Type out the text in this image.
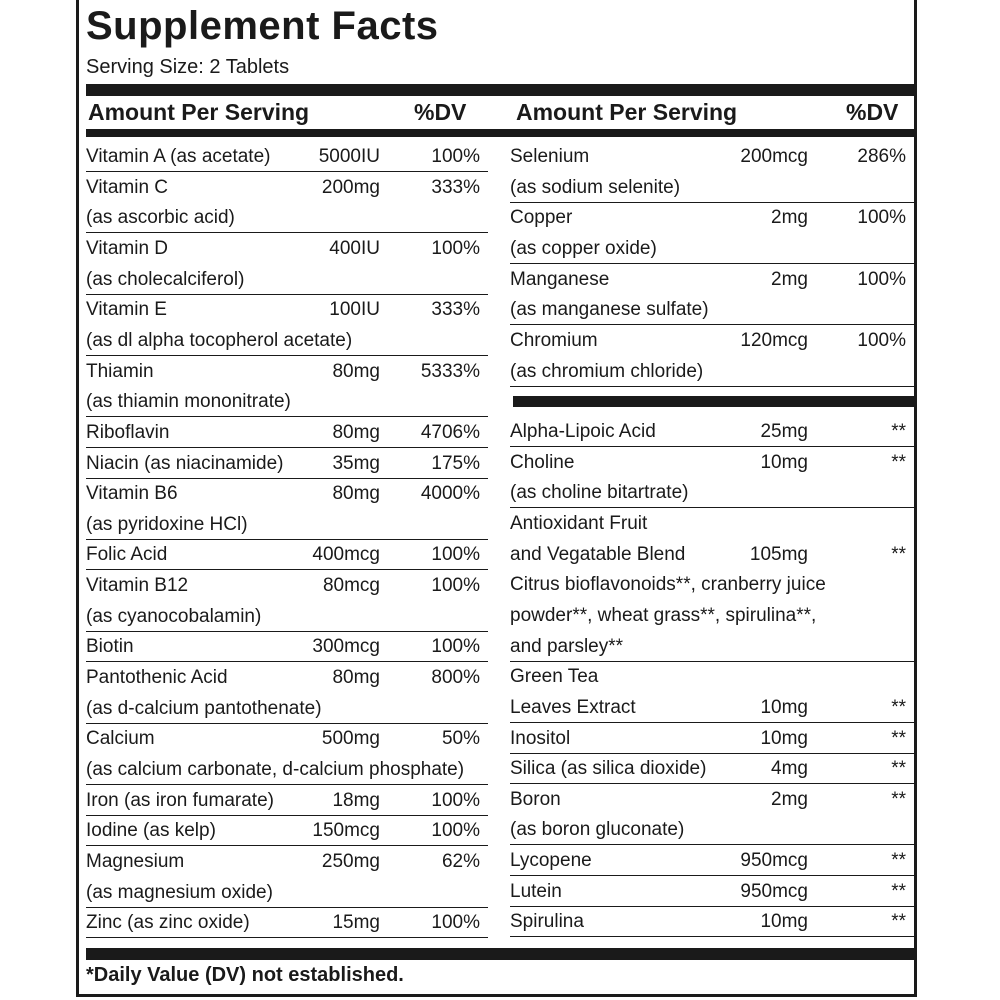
Supplement Facts
Serving Size: 2 Tablets
Amount Per Serving	%DV Amount Per Serving	%DV
Vitamin A (as acetate)	5000IU	100%
Vitamin C	200mg	333%
(as ascorbic acid)
Vitamin D	400IU	100%
(as cholecalciferol)
Vitamin E	100IU	333%
(as dl alpha tocopherol acetate)
Thiamin	80mg 5333%
(as thiamin mononitrate)
Riboflavin	80mg 4706%
Niacin (as niacinamide)	35mg	175%
Vitamin B6	80mg 4000%
(as pyridoxine HCl)
Folic Acid	400mcg	100%
Vitamin B12	80mcg	100%
(as cyanocobalamin)
Biotin	300mcg	100%
Pantothenic Acid	80mg	800%
(as d-calcium pantothenate)
Calcium	500mg	50%
(as calcium carbonate, d-calcium phosphate)
Iron (as iron fumarate)	18mg	100%
Iodine (as kelp)	150mcg	100%
Magnesium	250mg	62%
(as magnesium oxide)
Zinc (as zinc oxide)	15mg	100%
Selenium	200mcg	286%
(as sodium selenite)
Copper	2mg	100%
(as copper oxide)
Manganese	2mg	100%
(as manganese sulfate)
Chromium	120mcg	100%
(as chromium chloride)
Alpha-Lipoic Acid	25mg	**
Choline	10mg	**
(as choline bitartrate)
Antioxidant Fruit
and Vegatable Blend	105mg	**
Citrus bioflavonoids**, cranberry juice
powder**, wheat grass**, spirulina**,
and parsley**
Green Tea
Leaves Extract	10mg	**
Inositol	10mg	**
Silica (as silica dioxide)	4mg	**
Boron	2mg	**
(as boron gluconate)
Lycopene	950mcg	**
Lutein	950mcg	**
Spirulina	10mg	**
*Daily Value (DV) not established.
